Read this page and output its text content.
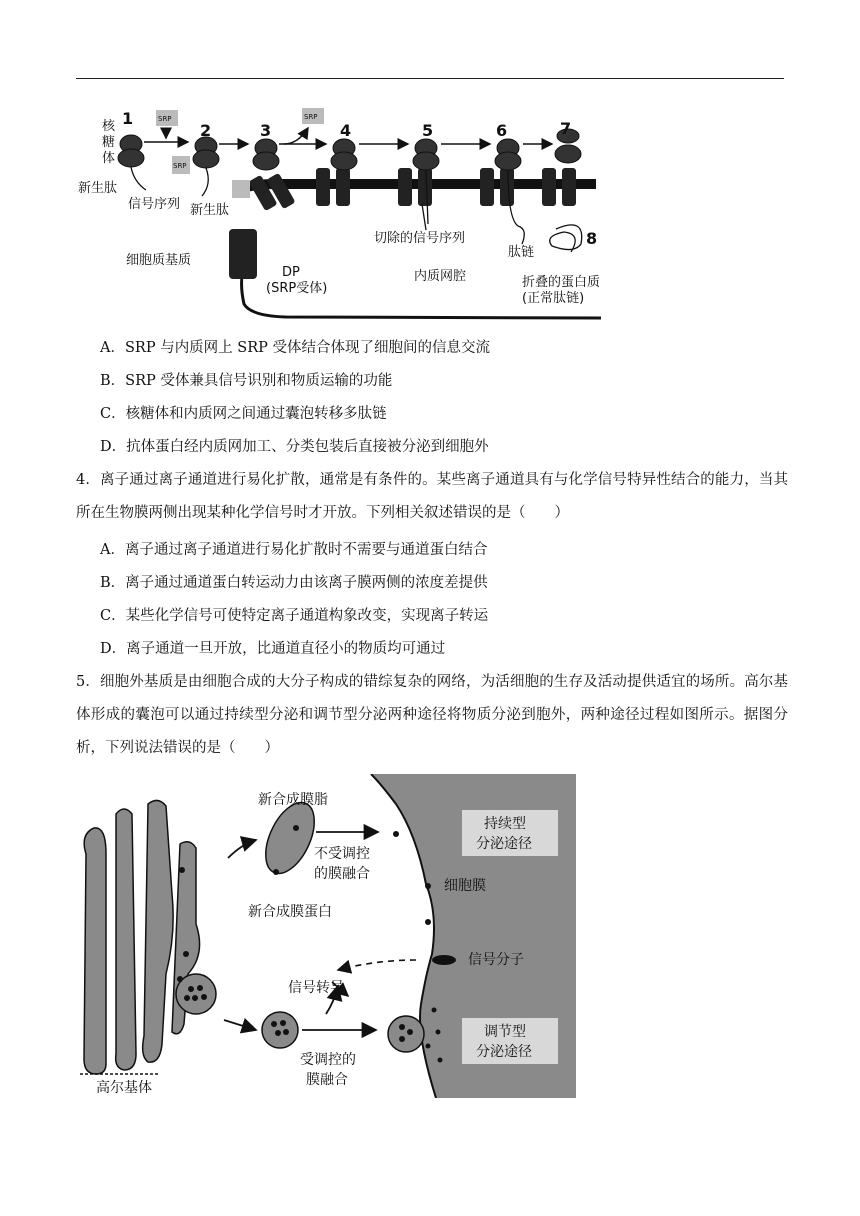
SRP
SRP
SRP
1
2	3	4	5	6	7
8
核
糖
体
新生肽
信号序列 新生肽
细胞质基质
DP
(SRP受体)
内质网腔
切除的信号序列
肽链
折叠的蛋白质
(正常肽链)
A．SRP 与内质网上 SRP 受体结合体现了细胞间的信息交流
B．SRP 受体兼具信号识别和物质运输的功能
C．核糖体和内质网之间通过囊泡转移多肽链
D．抗体蛋白经内质网加工、分类包装后直接被分泌到细胞外

4．离子通过离子通道进行易化扩散，通常是有条件的。某些离子通道具有与化学信号特异性结合的能力，当其所在生物膜两侧出现某种化学信号时才开放。下列相关叙述错误的是（　　）

A．离子通过离子通道进行易化扩散时不需要与通道蛋白结合
B．离子通过通道蛋白转运动力由该离子膜两侧的浓度差提供
C．某些化学信号可使特定离子通道构象改变，实现离子转运
D．离子通道一旦开放，比通道直径小的物质均可通过

5．细胞外基质是由细胞合成的大分子构成的错综复杂的网络，为活细胞的生存及活动提供适宜的场所。高尔基体形成的囊泡可以通过持续型分泌和调节型分泌两种途径将物质分泌到胞外，两种途径过程如图所示。据图分析，下列说法错误的是（　　）

新合成膜脂
不受调控
的膜融合
新合成膜蛋白
持续型
分泌途径
细胞膜
信号分子
信号转导
调节型
分泌途径
受调控的
膜融合
高尔基体
